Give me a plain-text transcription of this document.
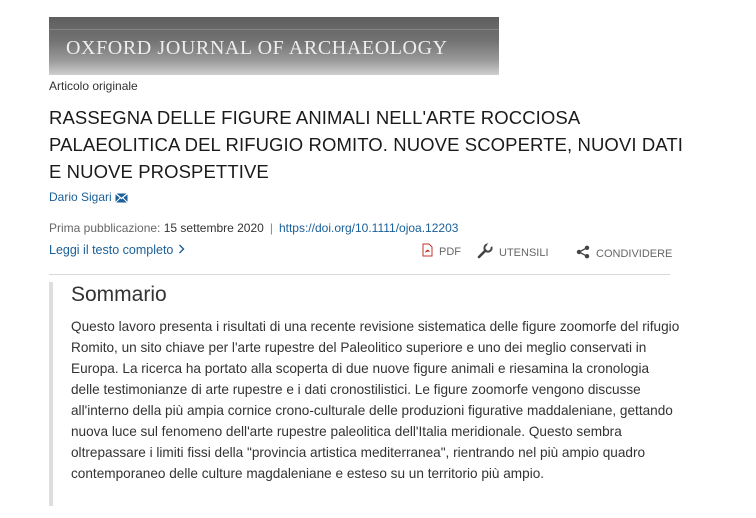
OXFORD JOURNAL OF ARCHAEOLOGY
Articolo originale
RASSEGNA DELLE FIGURE ANIMALI NELL'ARTE ROCCIOSA PALAEOLITICA DEL RIFUGIO ROMITO. NUOVE SCOPERTE, NUOVI DATI E NUOVE PROSPETTIVE
Dario Sigari
Prima pubblicazione: 15 settembre 2020 | https://doi.org/10.1111/ojoa.12203
Leggi il testo completo	PDF	UTENSILI	CONDIVIDERE
Sommario

Questo lavoro presenta i risultati di una recente revisione sistematica delle figure zoomorfe del rifugio Romito, un sito chiave per l'arte rupestre del Paleolitico superiore e uno dei meglio conservati in Europa. La ricerca ha portato alla scoperta di due nuove figure animali e riesamina la cronologia delle testimonianze di arte rupestre e i dati cronostilistici. Le figure zoomorfe vengono discusse all'interno della più ampia cornice crono-culturale delle produzioni figurative maddaleniane, gettando nuova luce sul fenomeno dell'arte rupestre paleolitica dell'Italia meridionale. Questo sembra oltrepassare i limiti fissi della "provincia artistica mediterranea", rientrando nel più ampio quadro contemporaneo delle culture magdaleniane e esteso su un territorio più ampio.
